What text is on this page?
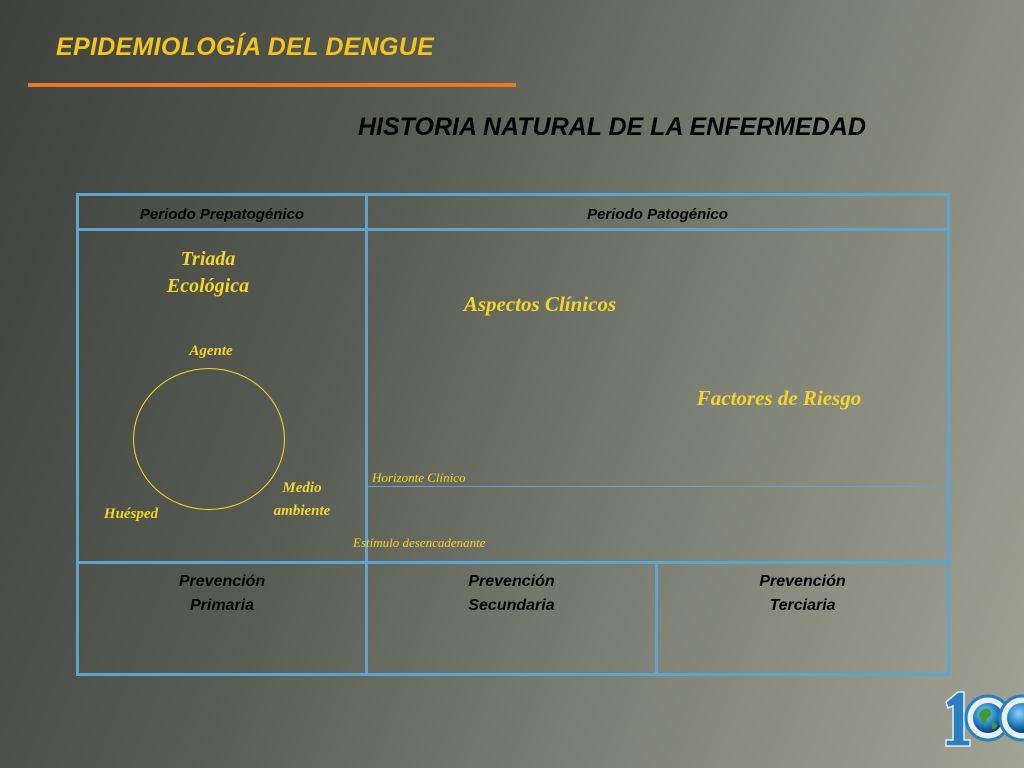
EPIDEMIOLOGÍA DEL DENGUE
HISTORIA NATURAL DE LA ENFERMEDAD
Periodo Prepatogénico	Periodo Patogénico
Triada
Ecológica
Agente
Huésped
Medio
ambiente
Aspectos Clínicos
Factores de Riesgo
Horizonte Clínico
Estímulo desencadenante
Prevención
Primaria
Prevención
Secundaria
Prevención
Terciaria
